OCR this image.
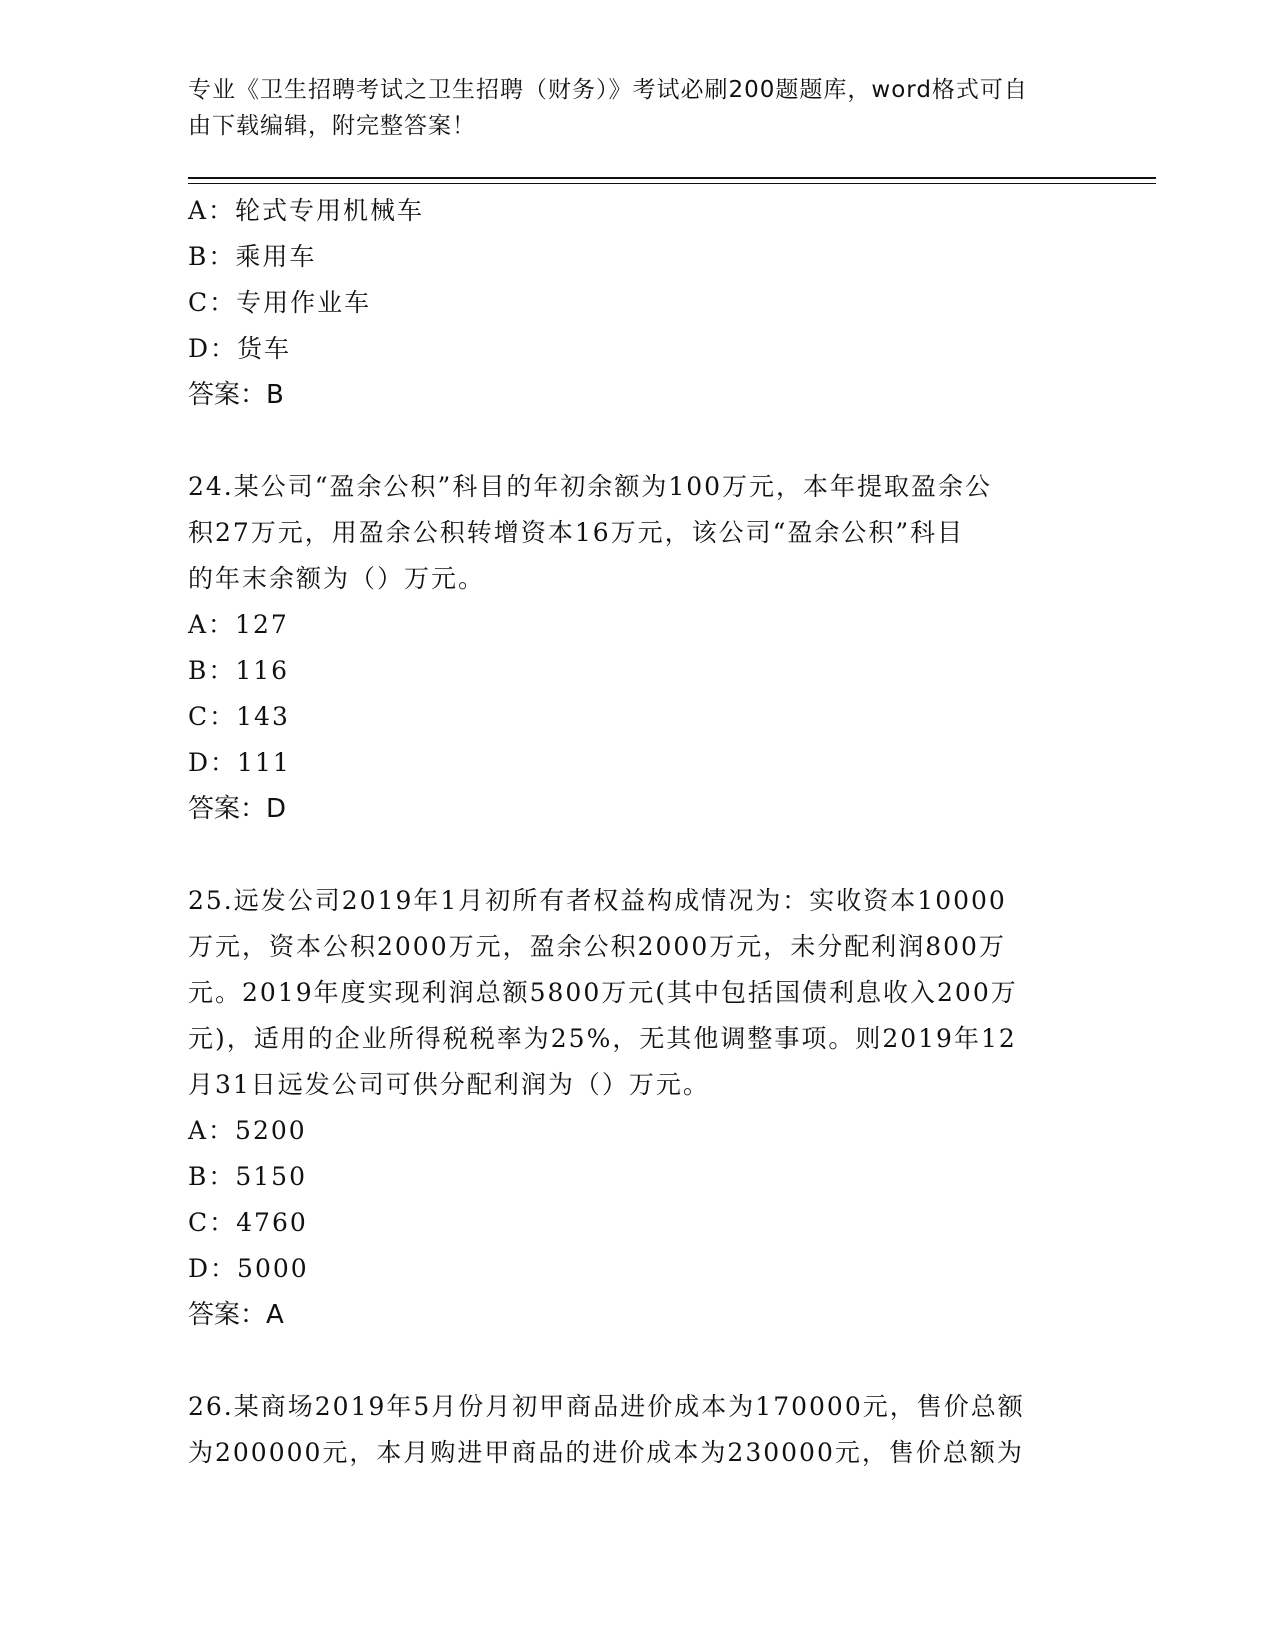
专业《卫生招聘考试之卫生招聘（财务）》考试必刷200题题库，word格式可自
由下载编辑，附完整答案！

A：轮式专用机械车

B：乘用车

C：专用作业车

D：货车

答案：B

24.某公司“盈余公积”科目的年初余额为100万元，本年提取盈余公

积27万元，用盈余公积转增资本16万元，该公司“盈余公积”科目

的年末余额为（）万元。

A：127

B：116

C：143

D：111

答案：D

25.远发公司2019年1月初所有者权益构成情况为：实收资本10000

万元，资本公积2000万元，盈余公积2000万元，未分配利润800万

元。2019年度实现利润总额5800万元(其中包括国债利息收入200万

元)，适用的企业所得税税率为25%，无其他调整事项。则2019年12

月31日远发公司可供分配利润为（）万元。

A：5200

B：5150

C：4760

D：5000

答案：A

26.某商场2019年5月份月初甲商品进价成本为170000元，售价总额

为200000元，本月购进甲商品的进价成本为230000元，售价总额为
